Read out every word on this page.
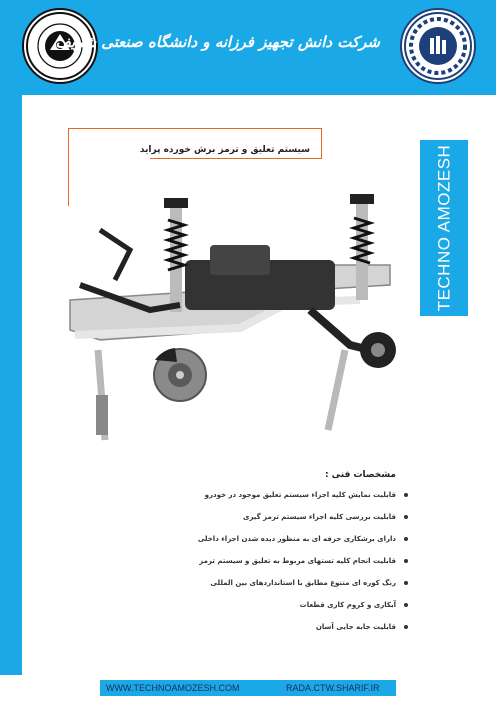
شرکت دانش تجهیز فرزانه و دانشگاه صنعتی شریف
سیستم تعلیق و ترمز برش خورده پراید	TECHNO AMOZESH
مشخصات فنی :
قابلیت نمایش کلیه اجزاء سیستم تعلیق موجود در خودرو
قابلیت بررسی کلیه اجزاء سیستم ترمز گیری
دارای برشکاری حرفه ای به منظور دیده شدن اجزاء داخلی
قابلیت انجام کلیه تستهای مربوط به تعلیق و سیستم ترمز
رنگ کوره ای متنوع مطابق با استانداردهای بین المللی
آبکاری و کروم کاری قطعات
قابلیت جابه جایی آسان
WWW.TECHNOAMOZESH.COM	RADA.CTW.SHARIF.IR
